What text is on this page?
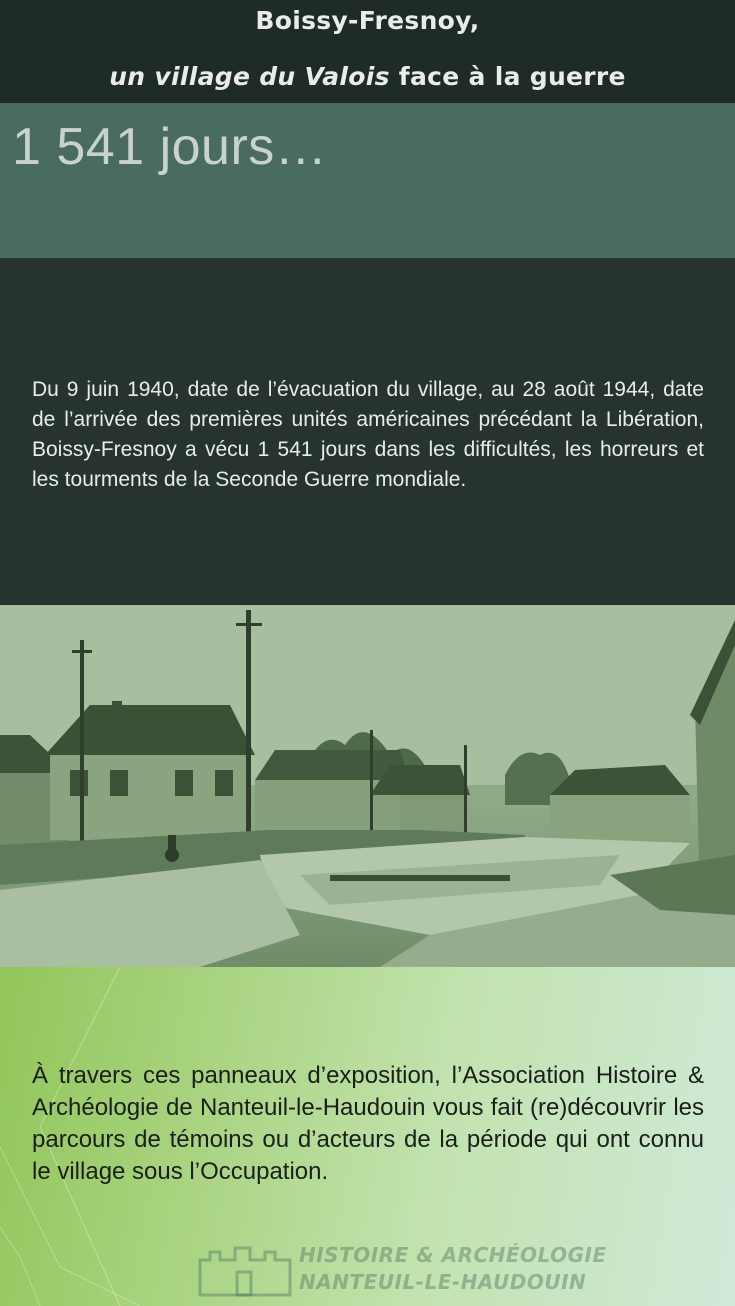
Boissy-Fresnoy,
un village du Valois face à la guerre
1 541 jours…

Du 9 juin 1940, date de l’évacuation du village, au 28 août 1944, date de l’arrivée des premières unités américaines précédant la Libération, Boissy-Fresnoy a vécu 1 541 jours dans les difficultés, les horreurs et les tourments de la Seconde Guerre mondiale.

À travers ces panneaux d’exposition, l’Association Histoire & Archéologie de Nanteuil-le-Haudouin vous fait (re)découvrir les parcours de témoins ou d’acteurs de la période qui ont connu le village sous l’Occupation.

HISTOIRE & ARCHÉOLOGIE
NANTEUIL-LE-HAUDOUIN
